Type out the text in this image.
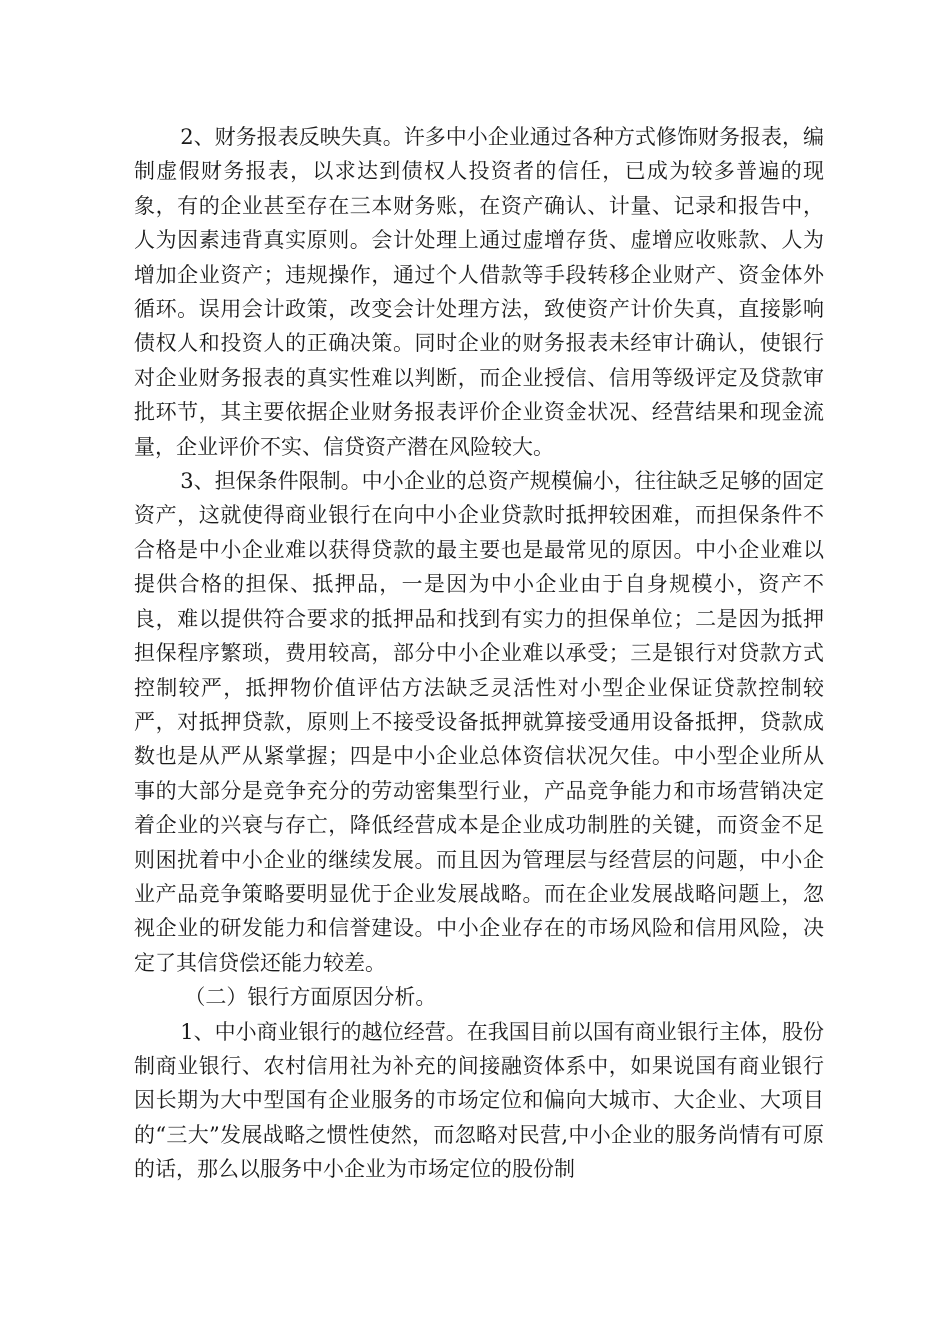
2、财务报表反映失真。许多中小企业通过各种方式修饰财务报表，编制虚假财务报表，以求达到债权人投资者的信任，已成为较多普遍的现象，有的企业甚至存在三本财务账，在资产确认、计量、记录和报告中，人为因素违背真实原则。会计处理上通过虚增存货、虚增应收账款、人为增加企业资产；违规操作，通过个人借款等手段转移企业财产、资金体外循环。误用会计政策，改变会计处理方法，致使资产计价失真，直接影响债权人和投资人的正确决策。同时企业的财务报表未经审计确认，使银行对企业财务报表的真实性难以判断，而企业授信、信用等级评定及贷款审批环节，其主要依据企业财务报表评价企业资金状况、经营结果和现金流量，企业评价不实、信贷资产潜在风险较大。

3、担保条件限制。中小企业的总资产规模偏小，往往缺乏足够的固定资产，这就使得商业银行在向中小企业贷款时抵押较困难，而担保条件不合格是中小企业难以获得贷款的最主要也是最常见的原因。中小企业难以提供合格的担保、抵押品，一是因为中小企业由于自身规模小，资产不良，难以提供符合要求的抵押品和找到有实力的担保单位；二是因为抵押担保程序繁琐，费用较高，部分中小企业难以承受；三是银行对贷款方式控制较严，抵押物价值评估方法缺乏灵活性对小型企业保证贷款控制较严，对抵押贷款，原则上不接受设备抵押就算接受通用设备抵押，贷款成数也是从严从紧掌握；四是中小企业总体资信状况欠佳。中小型企业所从事的大部分是竞争充分的劳动密集型行业，产品竞争能力和市场营销决定着企业的兴衰与存亡，降低经营成本是企业成功制胜的关键，而资金不足则困扰着中小企业的继续发展。而且因为管理层与经营层的问题，中小企业产品竞争策略要明显优于企业发展战略。而在企业发展战略问题上，忽视企业的研发能力和信誉建设。中小企业存在的市场风险和信用风险，决定了其信贷偿还能力较差。

（二）银行方面原因分析。

1、中小商业银行的越位经营。在我国目前以国有商业银行主体，股份制商业银行、农村信用社为补充的间接融资体系中，如果说国有商业银行因长期为大中型国有企业服务的市场定位和偏向大城市、大企业、大项目的“三大”发展战略之惯性使然，而忽略对民营,中小企业的服务尚情有可原的话，那么以服务中小企业为市场定位的股份制
